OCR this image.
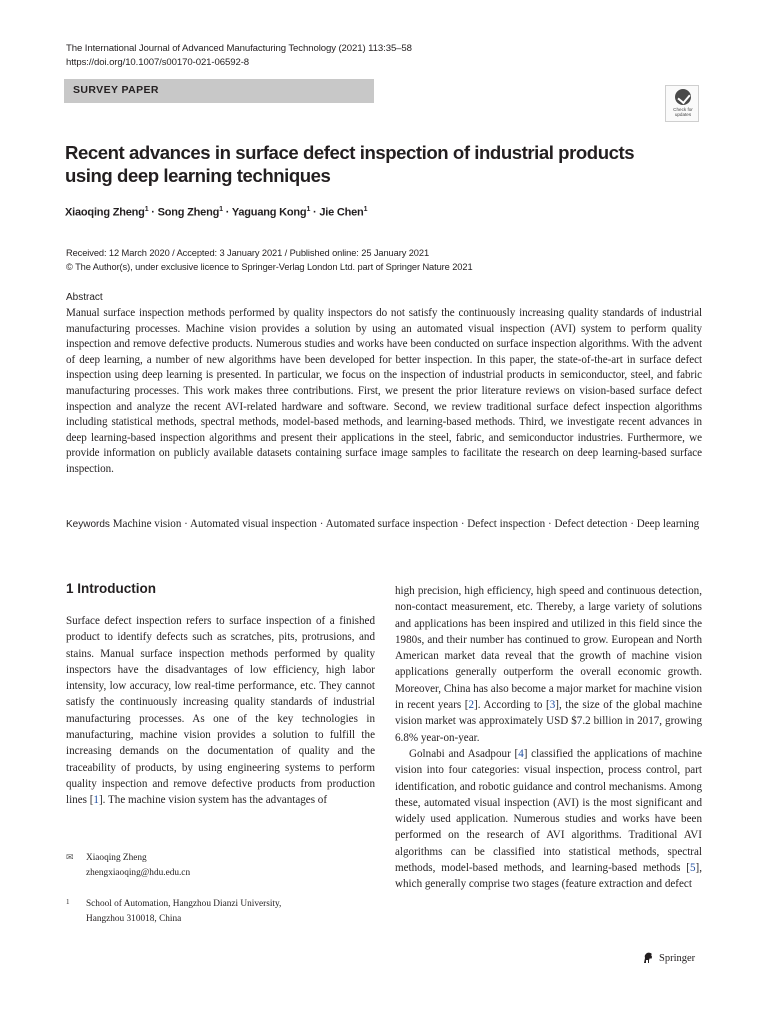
The International Journal of Advanced Manufacturing Technology (2021) 113:35–58
https://doi.org/10.1007/s00170-021-06592-8
SURVEY PAPER
Check for
updates
Recent advances in surface defect inspection of industrial products using deep learning techniques
Xiaoqing Zheng$^1$ · Song Zheng$^1$ · Yaguang Kong$^1$ · Jie Chen$^1$
Received: 12 March 2020 / Accepted: 3 January 2021 / Published online: 25 January 2021
© The Author(s), under exclusive licence to Springer-Verlag London Ltd. part of Springer Nature 2021
Abstract
Manual surface inspection methods performed by quality inspectors do not satisfy the continuously increasing quality standards of industrial manufacturing processes. Machine vision provides a solution by using an automated visual inspection (AVI) system to perform quality inspection and remove defective products. Numerous studies and works have been conducted on surface inspection algorithms. With the advent of deep learning, a number of new algorithms have been developed for better inspection. In this paper, the state-of-the-art in surface defect inspection using deep learning is presented. In particular, we focus on the inspection of industrial products in semiconductor, steel, and fabric manufacturing processes. This work makes three contributions. First, we present the prior literature reviews on vision-based surface defect inspection and analyze the recent AVI-related hardware and software. Second, we review traditional surface defect inspection algorithms including statistical methods, spectral methods, model-based methods, and learning-based methods. Third, we investigate recent advances in deep learning-based inspection algorithms and present their applications in the steel, fabric, and semiconductor industries. Furthermore, we provide information on publicly available datasets containing surface image samples to facilitate the research on deep learning-based surface inspection.
Keywords Machine vision · Automated visual inspection · Automated surface inspection · Defect inspection · Defect detection · Deep learning
1 Introduction

Surface defect inspection refers to surface inspection of a finished product to identify defects such as scratches, pits, protrusions, and stains. Manual surface inspection methods performed by quality inspectors have the disadvantages of low efficiency, high labor intensity, low accuracy, low real-time performance, etc. They cannot satisfy the continuously increasing quality standards of industrial manufacturing processes. As one of the key technologies in manufacturing, machine vision provides a solution to fulfill the increasing demands on the documentation of quality and the traceability of products, by using engineering systems to perform quality inspection and remove defective products from production lines [1]. The machine vision system has the advantages of

high precision, high efficiency, high speed and continuous detection, non-contact measurement, etc. Thereby, a large variety of solutions and applications has been inspired and utilized in this field since the 1980s, and their number has continued to grow. European and North American market data reveal that the growth of machine vision applications generally outperform the overall economic growth. Moreover, China has also become a major market for machine vision in recent years [2]. According to [3], the size of the global machine vision market was approximately USD $7.2 billion in 2017, growing 6.8% year-on-year.

Golnabi and Asadpour [4] classified the applications of machine vision into four categories: visual inspection, process control, part identification, and robotic guidance and control mechanisms. Among these, automated visual inspection (AVI) is the most significant and widely used application. Numerous studies and works have been performed on the research of AVI algorithms. Traditional AVI algorithms can be classified into statistical methods, spectral methods, model-based methods, and learning-based methods [5], which generally comprise two stages (feature extraction and defect

✉ Xiaoqing Zheng
zhengxiaoqing@hdu.edu.cn
1 School of Automation, Hangzhou Dianzi University,
Hangzhou 310018, China
Springer
